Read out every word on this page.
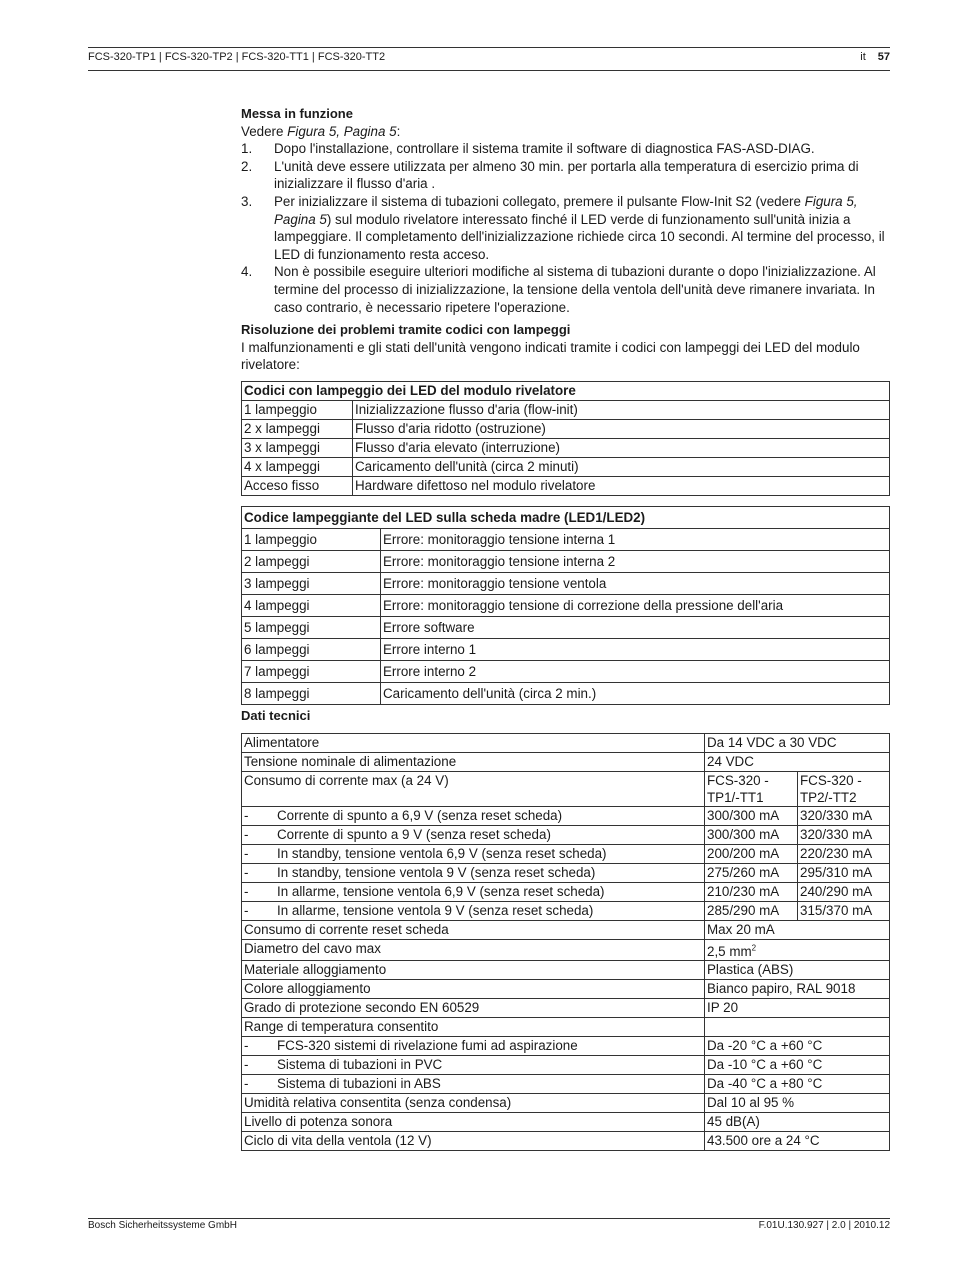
FCS-320-TP1 | FCS-320-TP2 | FCS-320-TT1 | FCS-320-TT2	it 57
Messa in funzione

Vedere Figura 5, Pagina 5:

1. Dopo l'installazione, controllare il sistema tramite il software di diagnostica FAS-ASD-DIAG.
2. L'unità deve essere utilizzata per almeno 30 min. per portarla alla temperatura di esercizio prima di inizializzare il flusso d'aria .
3. Per inizializzare il sistema di tubazioni collegato, premere il pulsante Flow-Init S2 (vedere Figura 5, Pagina 5) sul modulo rivelatore interessato finché il LED verde di funzionamento sull'unità inizia a lampeggiare. Il completamento dell'inizializzazione richiede circa 10 secondi. Al termine del processo, il LED di funzionamento resta acceso.
4. Non è possibile eseguire ulteriori modifiche al sistema di tubazioni durante o dopo l'inizializzazione. Al termine del processo di inizializzazione, la tensione della ventola dell'unità deve rimanere invariata. In caso contrario, è necessario ripetere l'operazione.
Risoluzione dei problemi tramite codici con lampeggi

I malfunzionamenti e gli stati dell'unità vengono indicati tramite i codici con lampeggi dei LED del modulo rivelatore:

Codici con lampeggio dei LED del modulo rivelatore	
1 lampeggio	Inizializzazione flusso d'aria (flow-init)
2 x lampeggi	Flusso d'aria ridotto (ostruzione)
3 x lampeggi	Flusso d'aria elevato (interruzione)
4 x lampeggi	Caricamento dell'unità (circa 2 minuti)
Acceso fisso	Hardware difettoso nel modulo rivelatore
Codice lampeggiante del LED sulla scheda madre (LED1/LED2)	
1 lampeggio	Errore: monitoraggio tensione interna 1
2 lampeggi	Errore: monitoraggio tensione interna 2
3 lampeggi	Errore: monitoraggio tensione ventola
4 lampeggi	Errore: monitoraggio tensione di correzione della pressione dell'aria
5 lampeggi	Errore software
6 lampeggi	Errore interno 1
7 lampeggi	Errore interno 2
8 lampeggi	Caricamento dell'unità (circa 2 min.)
Dati tecnici
Alimentatore	Da 14 VDC a 30 VDC	
Tensione nominale di alimentazione	24 VDC	
Consumo di corrente max (a 24 V)	FCS-320 -TP1/-TT1	FCS-320 -TP2/-TT2
- Corrente di spunto a 6,9 V (senza reset scheda)	300/300 mA	320/330 mA
- Corrente di spunto a 9 V (senza reset scheda)	300/300 mA	320/330 mA
- In standby, tensione ventola 6,9 V (senza reset scheda)	200/200 mA	220/230 mA
- In standby, tensione ventola 9 V (senza reset scheda)	275/260 mA	295/310 mA
- In allarme, tensione ventola 6,9 V (senza reset scheda)	210/230 mA	240/290 mA
- In allarme, tensione ventola 9 V (senza reset scheda)	285/290 mA	315/370 mA
Consumo di corrente reset scheda	Max 20 mA	
Diametro del cavo max	2,5 $mm^2$
Materiale alloggiamento	Plastica (ABS)	
Colore alloggiamento	Bianco papiro, RAL 9018	
Grado di protezione secondo EN 60529	IP 20	
Range di temperatura consentito		
- FCS-320 sistemi di rivelazione fumi ad aspirazione	Da -20 °C a +60 °C	
- Sistema di tubazioni in PVC	Da -10 °C a +60 °C	
- Sistema di tubazioni in ABS	Da -40 °C a +80 °C	
Umidità relativa consentita (senza condensa)	Dal 10 al 95 %	
Livello di potenza sonora	45 dB(A)	
Ciclo di vita della ventola (12 V)	43.500 ore a 24 °C	
Bosch Sicherheitssysteme GmbH	F.01U.130.927 | 2.0 | 2010.12
